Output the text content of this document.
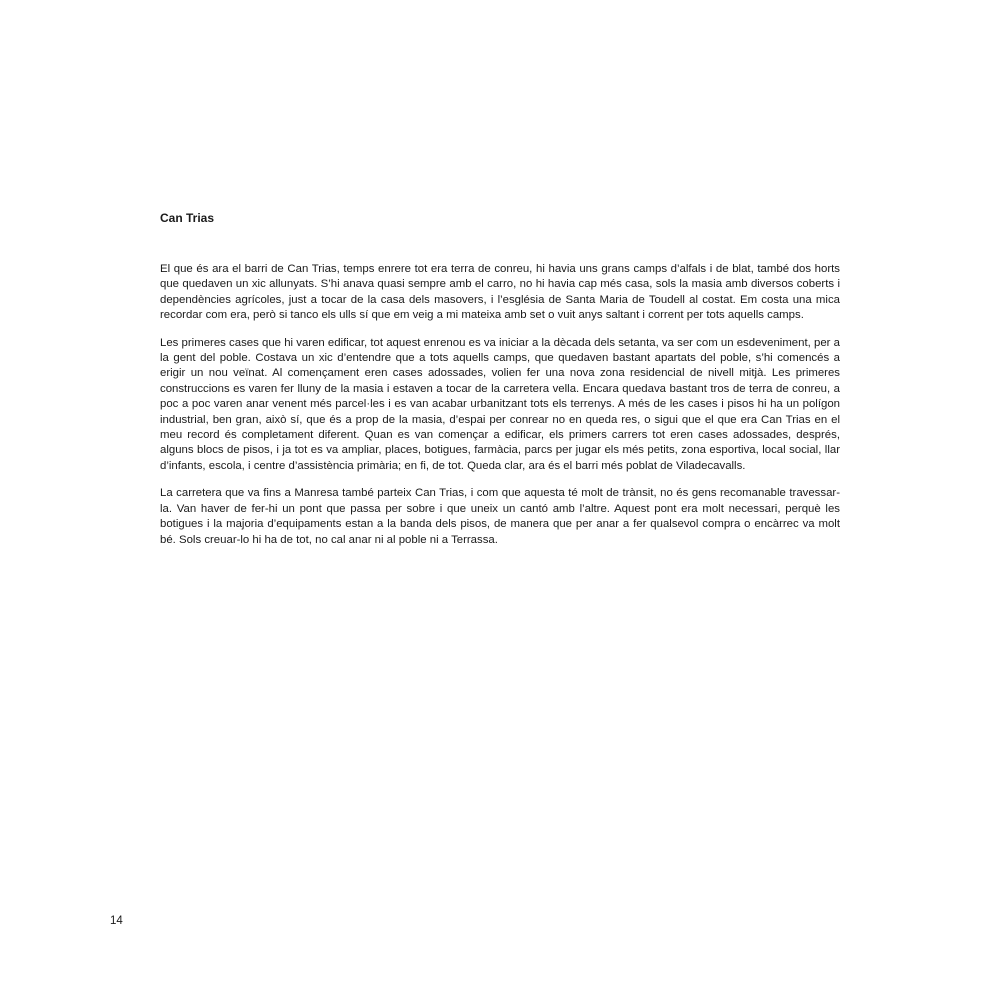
Can Trias

El que és ara el barri de Can Trias, temps enrere tot era terra de conreu, hi havia uns grans camps d’alfals i de blat, també dos horts que quedaven un xic allunyats. S’hi anava quasi sempre amb el carro, no hi havia cap més casa, sols la masia amb diversos coberts i dependències agrícoles, just a tocar de la casa dels masovers, i l’església de Santa Maria de Toudell al costat. Em costa una mica recordar com era, però si tanco els ulls sí que em veig a mi mateixa amb set o vuit anys saltant i corrent per tots aquells camps.

Les primeres cases que hi varen edificar, tot aquest enrenou es va iniciar a la dècada dels setanta, va ser com un esdeveniment, per a la gent del poble. Costava un xic d’entendre que a tots aquells camps, que quedaven bastant apartats del poble, s’hi comencés a erigir un nou veïnat. Al començament eren cases adossades, volien fer una nova zona residencial de nivell mitjà. Les primeres construccions es varen fer lluny de la masia i estaven a tocar de la carretera vella. Encara quedava bastant tros de terra de conreu, a poc a poc varen anar venent més parcel·les i es van acabar urbanitzant tots els terrenys. A més de les cases i pisos hi ha un polígon industrial, ben gran, això sí, que és a prop de la masia, d’espai per conrear no en queda res, o sigui que el que era Can Trias en el meu record és completament diferent. Quan es van començar a edificar, els primers carrers tot eren cases adossades, després, alguns blocs de pisos, i ja tot es va ampliar, places, botigues, farmàcia, parcs per jugar els més petits, zona esportiva, local social, llar d’infants, escola, i centre d’assistència primària; en fi, de tot. Queda clar, ara és el barri més poblat de Viladecavalls.

La carretera que va fins a Manresa també parteix Can Trias, i com que aquesta té molt de trànsit, no és gens recomanable travessar-la. Van haver de fer-hi un pont que passa per sobre i que uneix un cantó amb l’altre. Aquest pont era molt necessari, perquè les botigues i la majoria d’equipaments estan a la banda dels pisos, de manera que per anar a fer qualsevol compra o encàrrec va molt bé. Sols creuar-lo hi ha de tot, no cal anar ni al poble ni a Terrassa.

14
